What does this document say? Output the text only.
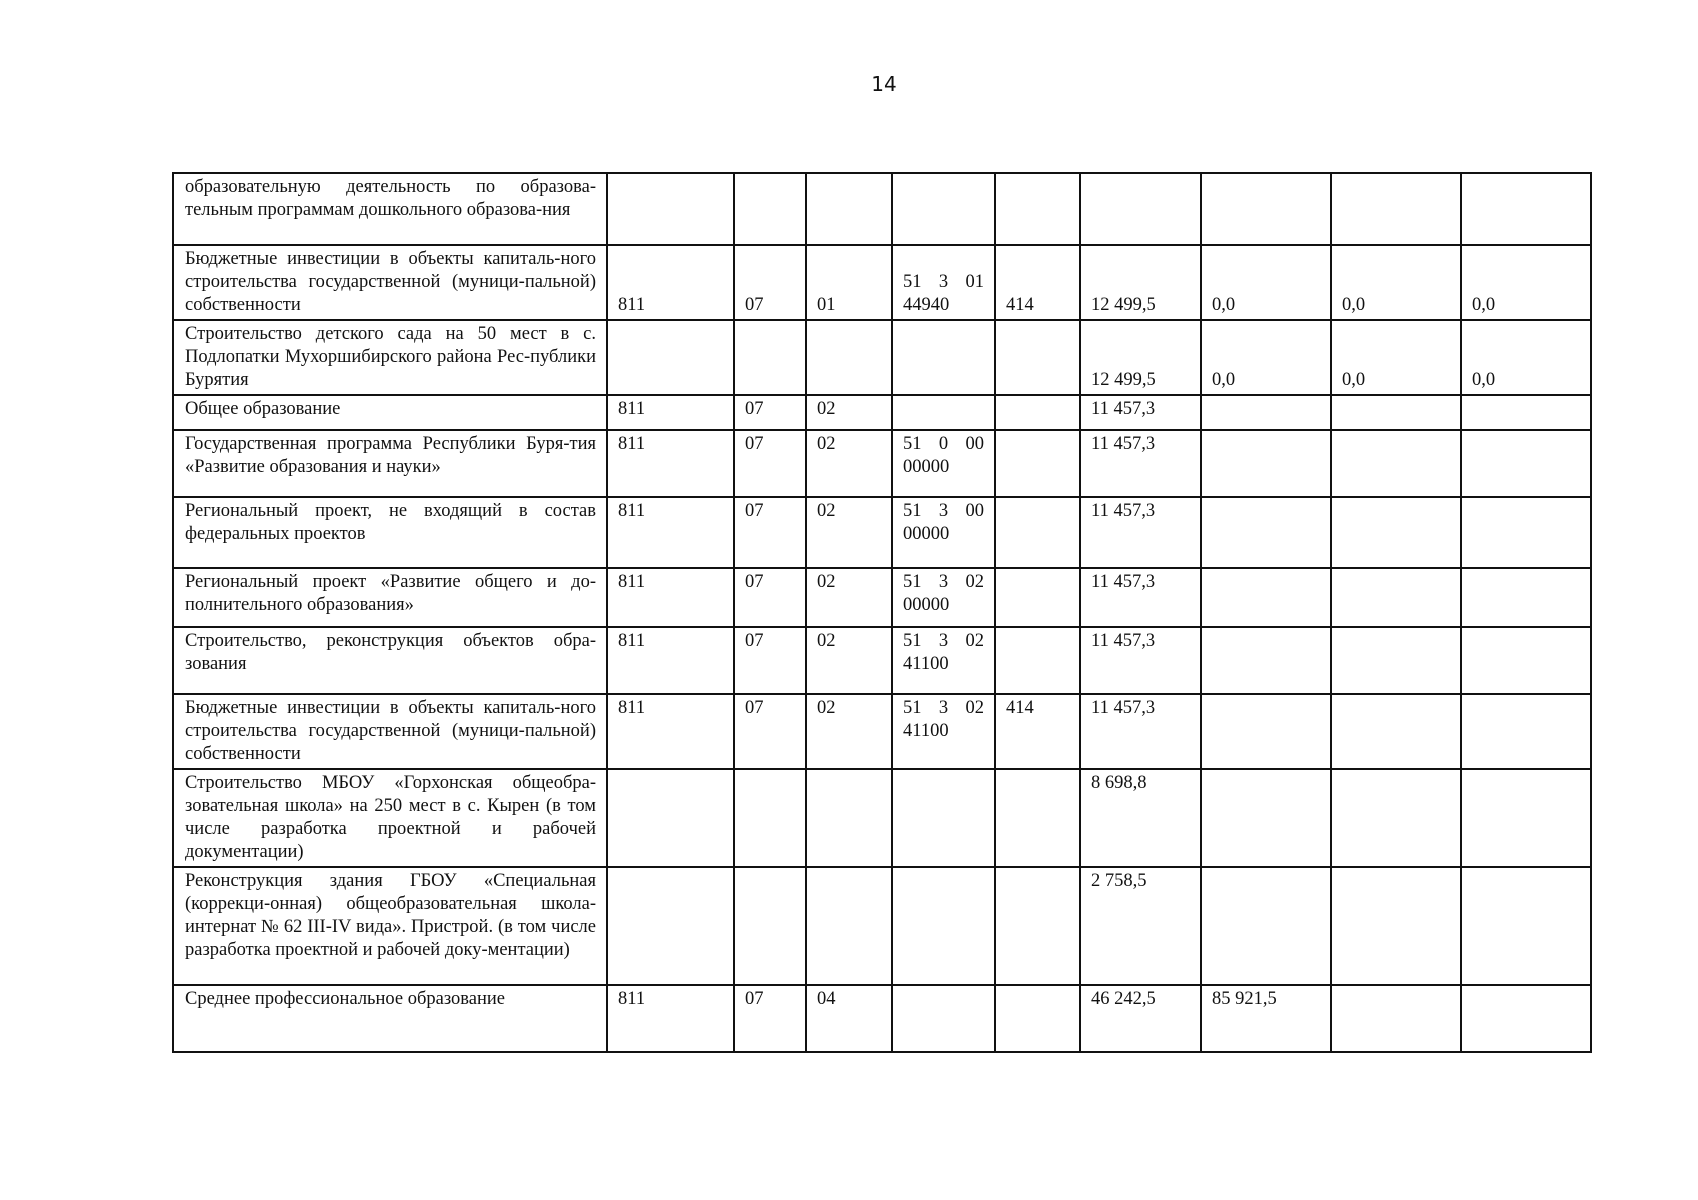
14
образовательную деятельность по образова-тельным программам дошкольного образова-ния									
Бюджетные инвестиции в объекты капиталь-ного строительства государственной (муници-пальной) собственности	811	07	01	51 3 01 44940	414	12 499,5	0,0	0,0	0,0
Строительство детского сада на 50 мест в с. Подлопатки Мухоршибирского района Рес-публики Бурятия						12 499,5	0,0	0,0	0,0
Общее образование	811	07	02			11 457,3			
Государственная программа Республики Буря-тия «Развитие образования и науки»	811	07	02	51 0 00 00000		11 457,3			
Региональный проект, не входящий в состав федеральных проектов	811	07	02	51 3 00 00000		11 457,3			
Региональный проект «Развитие общего и до-полнительного образования»	811	07	02	51 3 02 00000		11 457,3			
Строительство, реконструкция объектов обра-зования	811	07	02	51 3 02 41100		11 457,3			
Бюджетные инвестиции в объекты капиталь-ного строительства государственной (муници-пальной) собственности	811	07	02	51 3 02 41100	414	11 457,3			
Строительство МБОУ «Горхонская общеобра-зовательная школа» на 250 мест в с. Кырен (в том числе разработка проектной и рабочей документации)						8 698,8			
Реконструкция здания ГБОУ «Специальная (коррекци-онная) общеобразовательная школа-интернат № 62 III-IV вида». Пристрой. (в том числе разработка проектной и рабочей доку-ментации)						2 758,5			
Среднее профессиональное образование	811	07	04			46 242,5	85 921,5		
